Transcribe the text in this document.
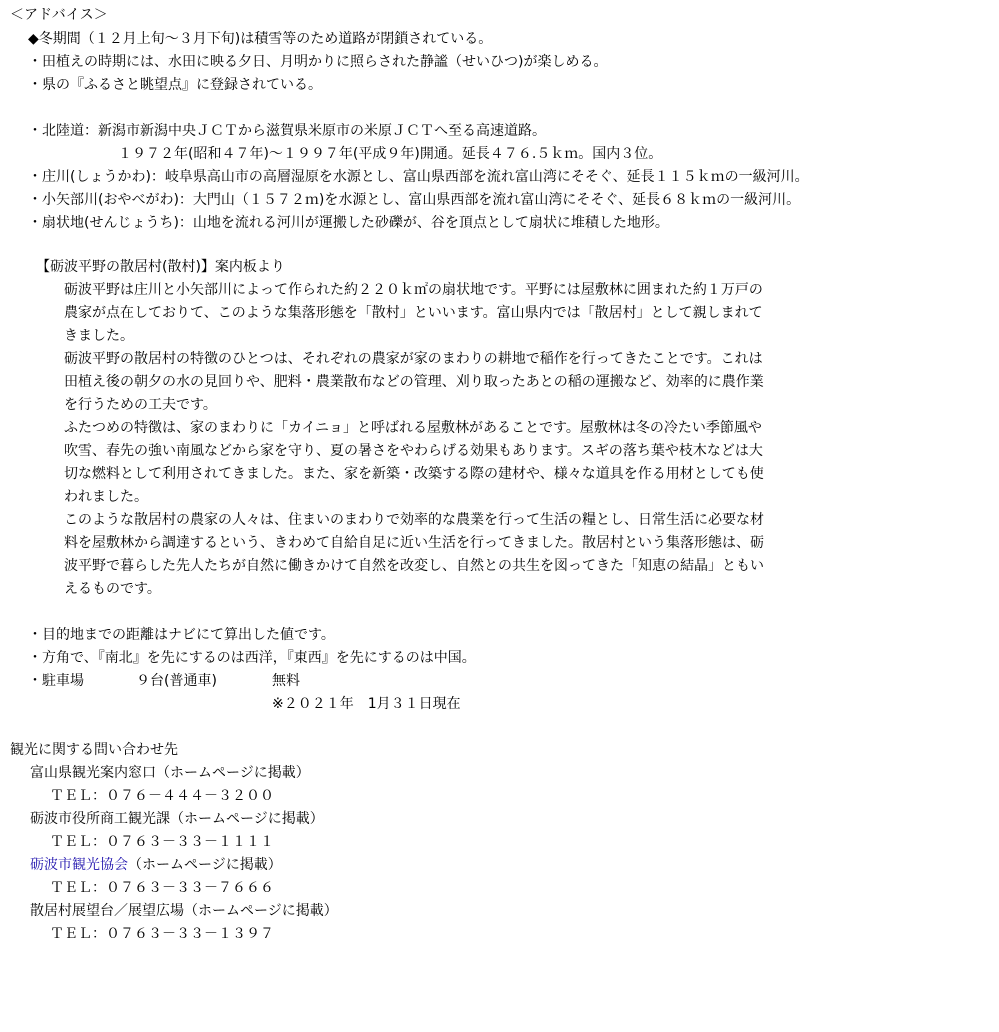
＜アドバイス＞
◆冬期間（１２月上旬～３月下旬)は積雪等のため道路が閉鎖されている。
・田植えの時期には、水田に映る夕日、月明かりに照らされた静謐（せいひつ)が楽しめる。
・県の『ふるさと眺望点』に登録されている。
・北陸道：新潟市新潟中央ＪＣＴから滋賀県米原市の米原ＪＣＴへ至る高速道路。
１９７２年(昭和４７年)～１９９７年(平成９年)開通。延長４７６.５ｋｍ。国内３位。
・庄川(しょうかわ)：岐阜県高山市の高層湿原を水源とし、富山県西部を流れ富山湾にそそぐ、延長１１５ｋｍの一級河川。
・小矢部川(おやべがわ)：大門山（１５７２ｍ)を水源とし、富山県西部を流れ富山湾にそそぐ、延長６８ｋｍの一級河川。
・扇状地(せんじょうち)：山地を流れる河川が運搬した砂礫が、谷を頂点として扇状に堆積した地形。
【砺波平野の散居村(散村)】案内板より
砺波平野は庄川と小矢部川によって作られた約２２０ｋ㎡の扇状地です。平野には屋敷林に囲まれた約１万戸の
農家が点在しておりて、このような集落形態を「散村」といいます。富山県内では「散居村」として親しまれて
きました。
砺波平野の散居村の特徴のひとつは、それぞれの農家が家のまわりの耕地で稲作を行ってきたことです。これは
田植え後の朝夕の水の見回りや、肥料・農業散布などの管理、刈り取ったあとの稲の運搬など、効率的に農作業
を行うための工夫です。
ふたつめの特徴は、家のまわりに「カイニョ」と呼ばれる屋敷林があることです。屋敷林は冬の冷たい季節風や
吹雪、春先の強い南風などから家を守り、夏の暑さをやわらげる効果もあります。スギの落ち葉や枝木などは大
切な燃料として利用されてきました。また、家を新築・改築する際の建材や、様々な道具を作る用材としても使
われました。
このような散居村の農家の人々は、住まいのまわりで効率的な農業を行って生活の糧とし、日常生活に必要な材
料を屋敷林から調達するという、きわめて自給自足に近い生活を行ってきました。散居村という集落形態は、砺
波平野で暮らした先人たちが自然に働きかけて自然を改変し、自然との共生を図ってきた「知恵の結晶」ともい
えるものです。
・目的地までの距離はナビにて算出した値です。
・方角で、『南北』を先にするのは西洋，『東西』を先にするのは中国。
・駐車場	９台(普通車)	無料
※２０２１年　1月３１日現在
観光に関する問い合わせ先
富山県観光案内窓口（ホームページに掲載）
ＴＥＬ：０７６－４４４－３２００
砺波市役所商工観光課（ホームページに掲載）
ＴＥＬ：０７６３－３３－１１１１
砺波市観光協会（ホームページに掲載）
ＴＥＬ：０７６３－３３－７６６６
散居村展望台／展望広場（ホームページに掲載）
ＴＥＬ：０７６３－３３－１３９７
